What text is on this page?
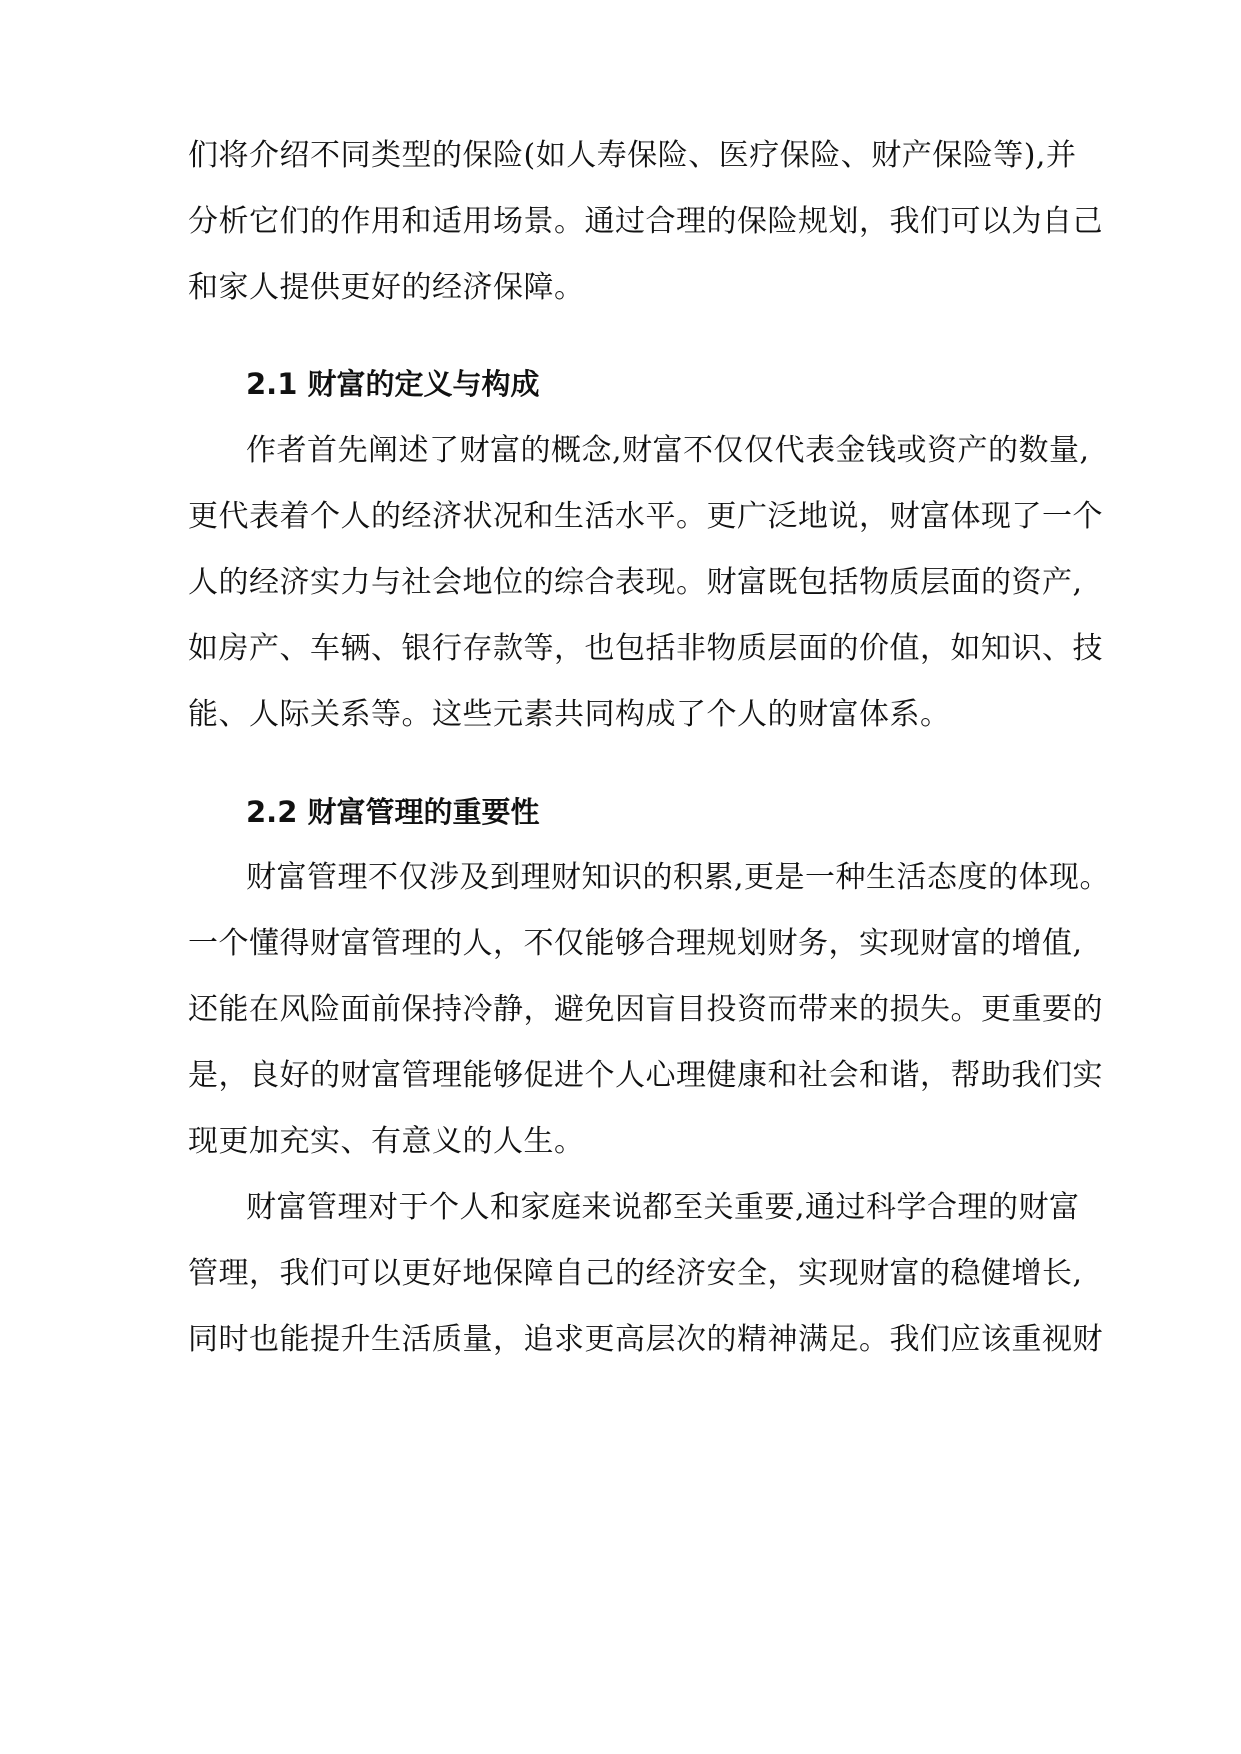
们将介绍不同类型的保险(如人寿保险、医疗保险、财产保险等),并
分析它们的作用和适用场景。通过合理的保险规划，我们可以为自己
和家人提供更好的经济保障。
2.1 财富的定义与构成
作者首先阐述了财富的概念,财富不仅仅代表金钱或资产的数量,
更代表着个人的经济状况和生活水平。更广泛地说，财富体现了一个
人的经济实力与社会地位的综合表现。财富既包括物质层面的资产,
如房产、车辆、银行存款等，也包括非物质层面的价值，如知识、技
能、人际关系等。这些元素共同构成了个人的财富体系。
2.2 财富管理的重要性
财富管理不仅涉及到理财知识的积累,更是一种生活态度的体现。
一个懂得财富管理的人，不仅能够合理规划财务，实现财富的增值,
还能在风险面前保持冷静，避免因盲目投资而带来的损失。更重要的
是，良好的财富管理能够促进个人心理健康和社会和谐，帮助我们实
现更加充实、有意义的人生。
财富管理对于个人和家庭来说都至关重要,通过科学合理的财富
管理，我们可以更好地保障自己的经济安全，实现财富的稳健增长,
同时也能提升生活质量，追求更高层次的精神满足。我们应该重视财
